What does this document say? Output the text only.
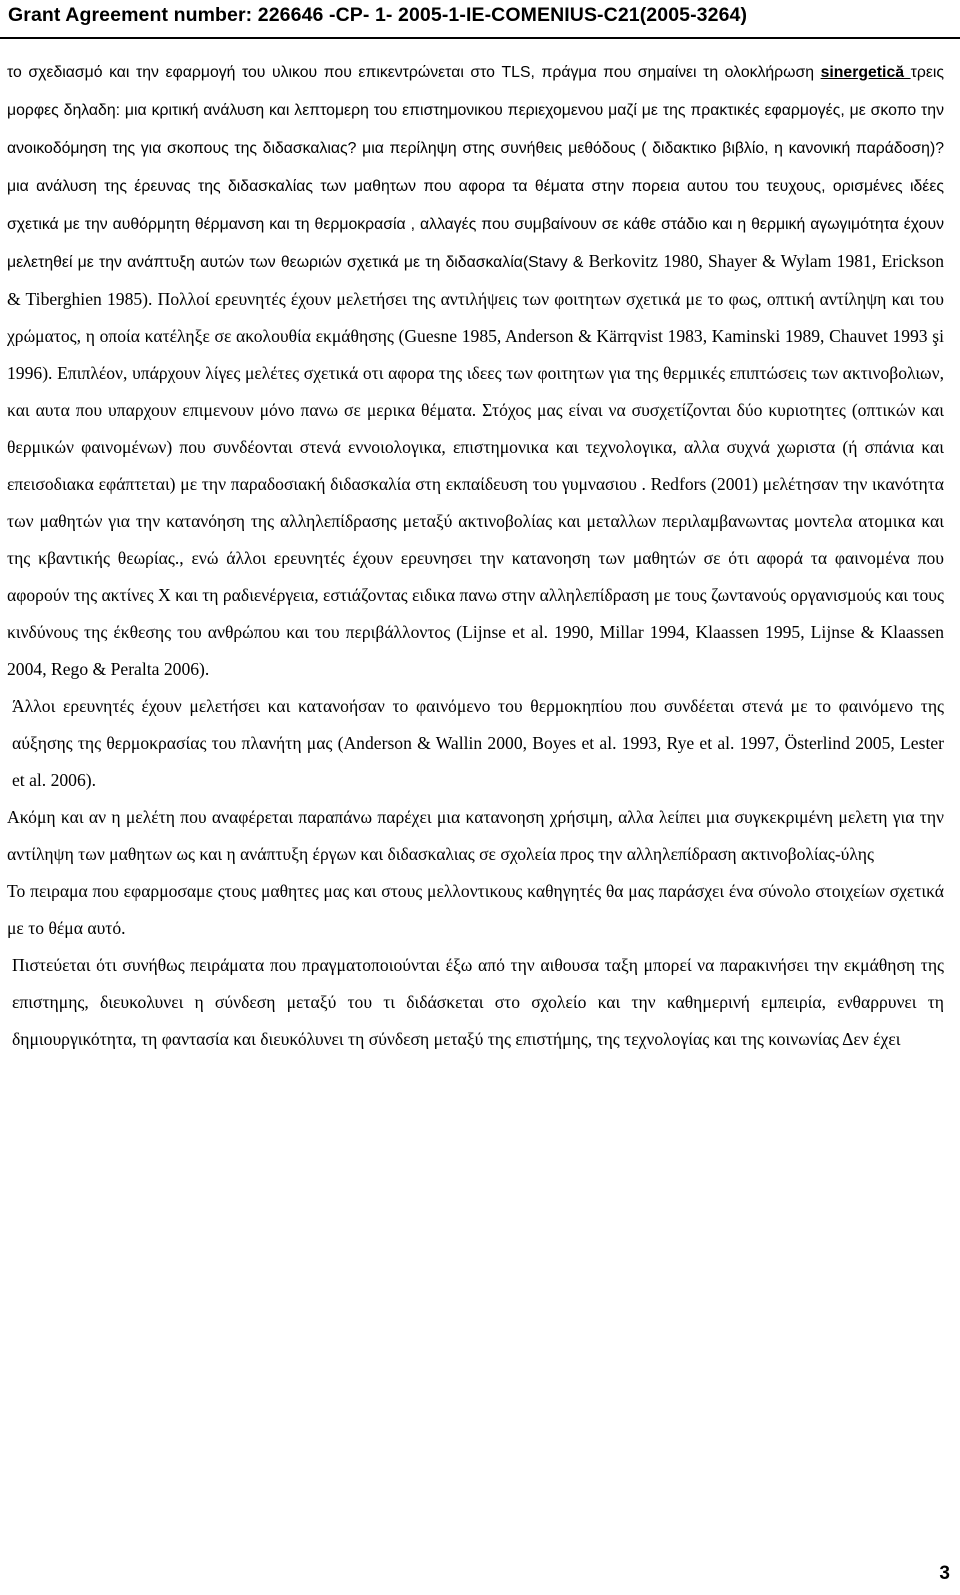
Grant Agreement number: 226646 -CP- 1- 2005-1-IE-COMENIUS-C21(2005-3264)

το σχεδιασμό και την εφαρμογή του υλικου που επικεντρώνεται στο TLS, πράγμα που σημαίνει τη ολοκλήρωση sinergetică τρεις μορφες δηλαδη: μια κριτική ανάλυση και λεπτομερη του επιστημονικου περιεχομενου μαζί με της πρακτικές εφαρμογές, με σκοπο την ανοικοδόμηση της για σκοπους της διδασκαλιας? μια περίληψη στης συνήθεις μεθόδους ( διδακτικο βιβλίο, η κανονική παράδοση)? μια ανάλυση της έρευνας της διδασκαλίας των μαθητων που αφορα τα θέματα στην πορεια αυτου του τευχους, ορισμένες ιδέες σχετικά με την αυθόρμητη θέρμανση και τη θερμοκρασία , αλλαγές που συμβαίνουν σε κάθε στάδιο και η θερμική αγωγιμότητα έχουν μελετηθεί με την ανάπτυξη αυτών των θεωριών σχετικά με τη διδασκαλία(Stavy & Berkovitz 1980, Shayer & Wylam 1981, Erickson & Tiberghien 1985). Πολλοί ερευνητές έχουν μελετήσει της αντιλήψεις των φοιτητων σχετικά με το φως, οπτική αντίληψη και του χρώματος, η οποία κατέληξε σε ακολουθία εκμάθησης (Guesne 1985, Anderson & Kärrqvist 1983, Kaminski 1989, Chauvet 1993 şi 1996). Επιπλέον, υπάρχουν λίγες μελέτες σχετικά οτι αφορα της ιδεες των φοιτητων για της θερμικές επιπτώσεις των ακτινοβολιων, και αυτα που υπαρχουν επιμενουν μόνο πανω σε μερικα θέματα. Στόχος μας είναι να συσχετίζονται δύο κυριοτητες (οπτικών και θερμικών φαινομένων) που συνδέονται στενά εννοιολογικα, επιστημονικα και τεχνολογικα, αλλα συχνά χωριστα (ή σπάνια και επεισοδιακα εφάπτεται) με την παραδοσιακή διδασκαλία στη εκπαίδευση του γυμνασιου . Redfors (2001) μελέτησαν την ικανότητα των μαθητών για την κατανόηση της αλληλεπίδρασης μεταξύ ακτινοβολίας και μεταλλων περιλαμβανωντας μοντελα ατομικα και της κβαντικής θεωρίας., ενώ άλλοι ερευνητές έχουν ερευνησει την κατανοηση των μαθητών σε ότι αφορά τα φαινομένα που αφορούν της ακτίνες X και τη ραδιενέργεια, εστιάζοντας ειδικα πανω στην αλληλεπίδραση με τους ζωντανούς οργανισμούς και τους κινδύνους της έκθεσης του ανθρώπου και του περιβάλλοντος (Lijnse et al. 1990, Millar 1994, Klaassen 1995, Lijnse & Klaassen 2004, Rego & Peralta 2006).

Άλλοι ερευνητές έχουν μελετήσει και κατανοήσαν το φαινόμενο του θερμοκηπίου που συνδέεται στενά με το φαινόμενο της αύξησης της θερμοκρασίας του πλανήτη μας (Anderson & Wallin 2000, Boyes et al. 1993, Rye et al. 1997, Österlind 2005, Lester et al. 2006).

Ακόμη και αν η μελέτη που αναφέρεται παραπάνω παρέχει μια κατανοηση χρήσιμη, αλλα λείπει μια συγκεκριμένη μελετη για την αντίληψη των μαθητων ως και η ανάπτυξη έργων και διδασκαλιας σε σχολεία προς την αλληλεπίδραση ακτινοβολίας-ύλης

Το πειραμα που εφαρμοσαμε ςτους μαθητες μας και στους μελλοντικους καθηγητές θα μας παράσχει ένα σύνολο στοιχείων σχετικά με το θέμα αυτό.

Πιστεύεται ότι συνήθως πειράματα που πραγματοποιούνται έξω από την αιθουσα ταξη μπορεί να παρακινήσει την εκμάθηση της επιστημης, διευκολυνει η σύνδεση μεταξύ του τι διδάσκεται στο σχολείο και την καθημερινή εμπειρία, ενθαρρυνει τη δημιουργικότητα, τη φαντασία και διευκόλυνει τη σύνδεση μεταξύ της επιστήμης, της τεχνολογίας και της κοινωνίας Δεν έχει

3
